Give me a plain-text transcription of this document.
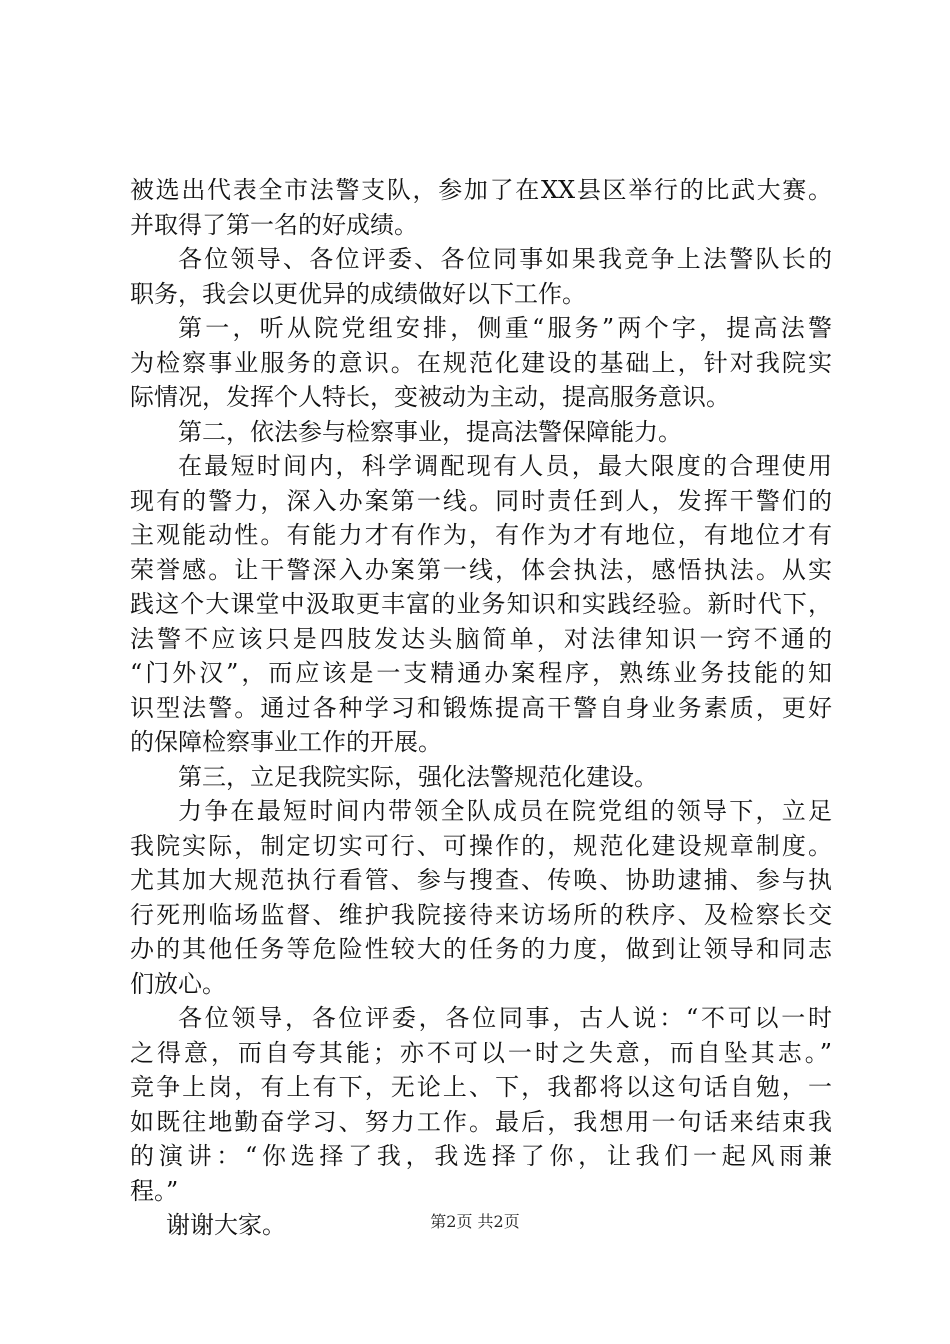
被选出代表全市法警支队，参加了在XX县区举行的比武大赛。
并取得了第一名的好成绩。
各位领导、各位评委、各位同事如果我竞争上法警队长的
职务，我会以更优异的成绩做好以下工作。
第一，听从院党组安排，侧重“服务”两个字，提高法警
为检察事业服务的意识。在规范化建设的基础上，针对我院实
际情况，发挥个人特长，变被动为主动，提高服务意识。
第二，依法参与检察事业，提高法警保障能力。
在最短时间内，科学调配现有人员，最大限度的合理使用
现有的警力，深入办案第一线。同时责任到人，发挥干警们的
主观能动性。有能力才有作为，有作为才有地位，有地位才有
荣誉感。让干警深入办案第一线，体会执法，感悟执法。从实
践这个大课堂中汲取更丰富的业务知识和实践经验。新时代下，
法警不应该只是四肢发达头脑简单，对法律知识一窍不通的
“门外汉”，而应该是一支精通办案程序，熟练业务技能的知
识型法警。通过各种学习和锻炼提高干警自身业务素质，更好
的保障检察事业工作的开展。
第三，立足我院实际，强化法警规范化建设。
力争在最短时间内带领全队成员在院党组的领导下，立足
我院实际，制定切实可行、可操作的，规范化建设规章制度。
尤其加大规范执行看管、参与搜查、传唤、协助逮捕、参与执
行死刑临场监督、维护我院接待来访场所的秩序、及检察长交
办的其他任务等危险性较大的任务的力度，做到让领导和同志
们放心。
各位领导，各位评委，各位同事，古人说：“不可以一时
之得意，而自夸其能；亦不可以一时之失意，而自坠其志。”
竞争上岗，有上有下，无论上、下，我都将以这句话自勉，一
如既往地勤奋学习、努力工作。最后，我想用一句话来结束我
的演讲：“你选择了我，我选择了你，让我们一起风雨兼
程。”
谢谢大家。	第2页 共2页
